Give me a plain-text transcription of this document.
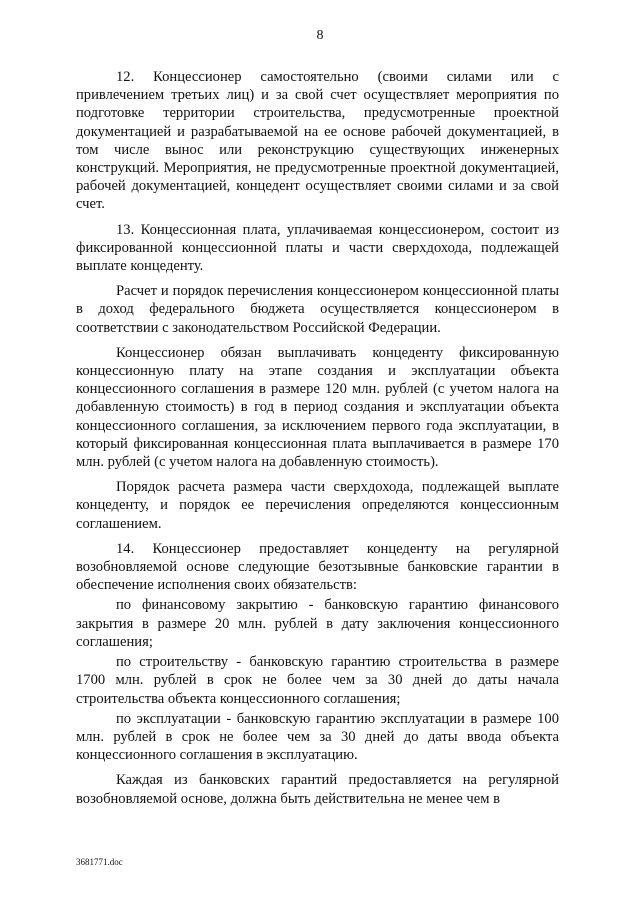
8

12. Концессионер самостоятельно (своими силами или с привлечением третьих лиц) и за свой счет осуществляет мероприятия по подготовке территории строительства, предусмотренные проектной документацией и разрабатываемой на ее основе рабочей документацией, в том числе вынос или реконструкцию существующих инженерных конструкций. Мероприятия, не предусмотренные проектной документацией, рабочей документацией, концедент осуществляет своими силами и за свой счет.

13. Концессионная плата, уплачиваемая концессионером, состоит из фиксированной концессионной платы и части сверхдохода, подлежащей выплате концеденту.

Расчет и порядок перечисления концессионером концессионной платы в доход федерального бюджета осуществляется концессионером в соответствии с законодательством Российской Федерации.

Концессионер обязан выплачивать концеденту фиксированную концессионную плату на этапе создания и эксплуатации объекта концессионного соглашения в размере 120 млн. рублей (с учетом налога на добавленную стоимость) в год в период создания и эксплуатации объекта концессионного соглашения, за исключением первого года эксплуатации, в который фиксированная концессионная плата выплачивается в размере 170 млн. рублей (с учетом налога на добавленную стоимость).

Порядок расчета размера части сверхдохода, подлежащей выплате концеденту, и порядок ее перечисления определяются концессионным соглашением.

14. Концессионер предоставляет концеденту на регулярной возобновляемой основе следующие безотзывные банковские гарантии в обеспечение исполнения своих обязательств:

по финансовому закрытию - банковскую гарантию финансового закрытия в размере 20 млн. рублей в дату заключения концессионного соглашения;

по строительству - банковскую гарантию строительства в размере 1700 млн. рублей в срок не более чем за 30 дней до даты начала строительства объекта концессионного соглашения;

по эксплуатации - банковскую гарантию эксплуатации в размере 100 млн. рублей в срок не более чем за 30 дней до даты ввода объекта концессионного соглашения в эксплуатацию.

Каждая из банковских гарантий предоставляется на регулярной возобновляемой основе, должна быть действительна не менее чем в

3681771.doc
